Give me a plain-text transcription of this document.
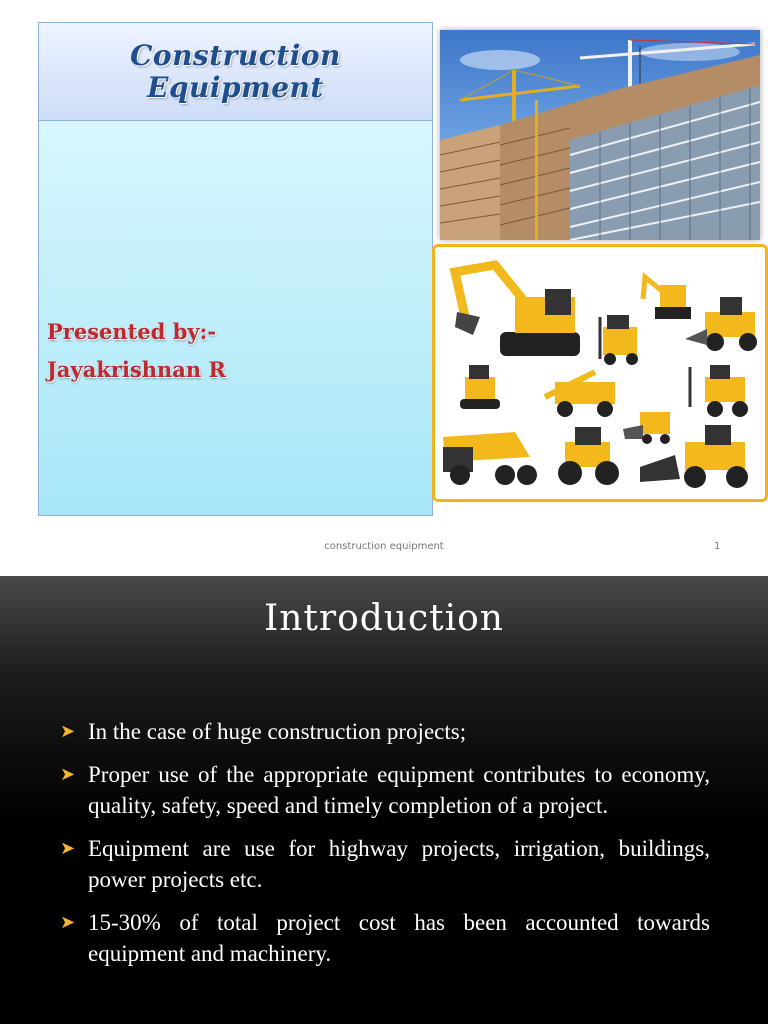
Construction Equipment
Presented by:-
Jayakrishnan R
construction equipment	1
Introduction
➤ In the case of huge construction projects;
➤ Proper use of the appropriate equipment contributes to economy, quality, safety, speed and timely completion of a project.
➤ Equipment are use for highway projects, irrigation, buildings, power projects etc.
➤ 15-30% of total project cost has been accounted towards equipment and machinery.
